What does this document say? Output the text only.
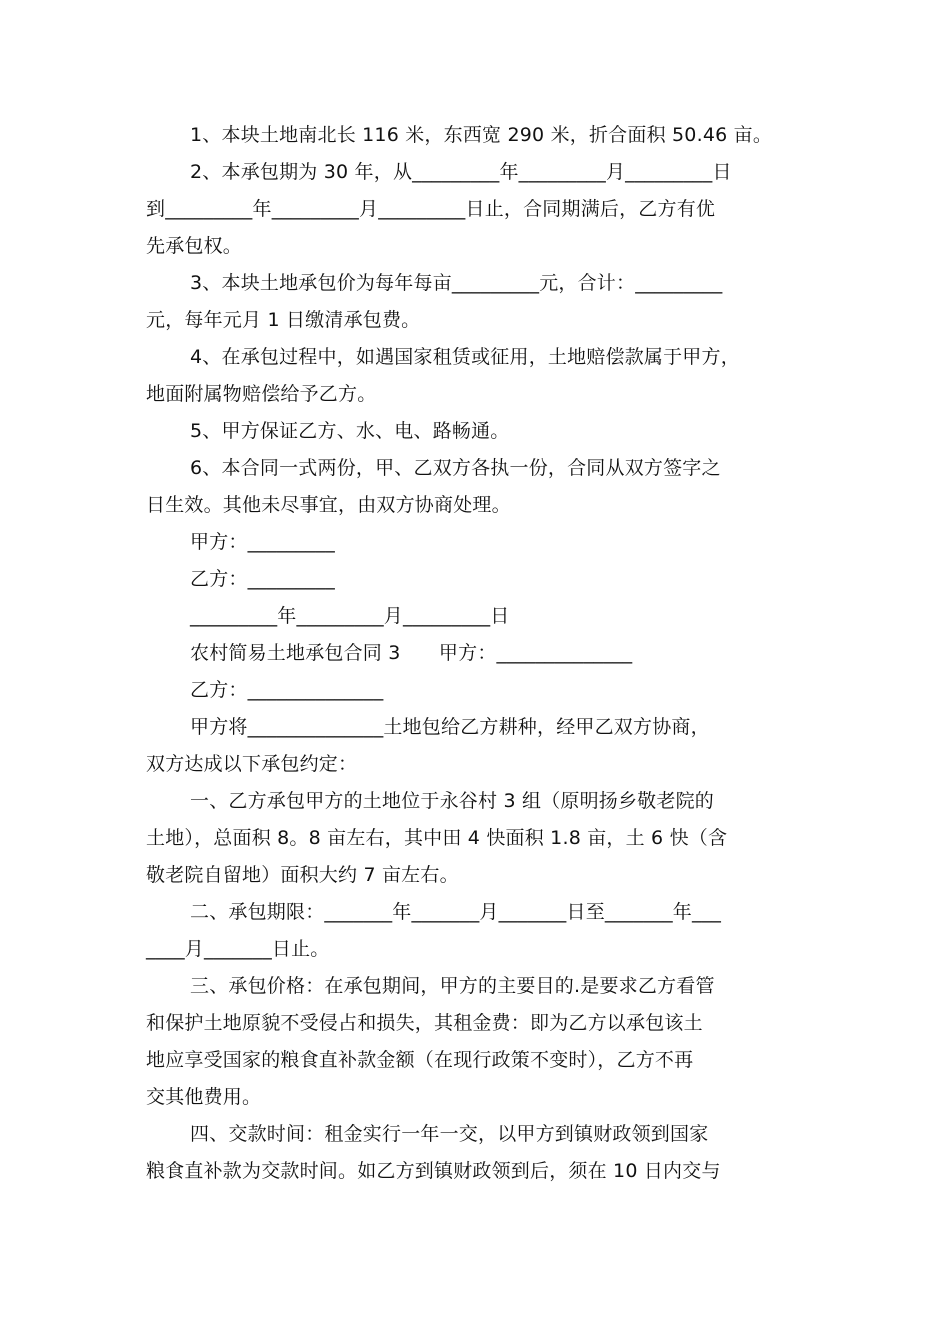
1、本块土地南北长 116 米，东西宽 290 米，折合面积 50.46 亩。
2、本承包期为 30 年，从_________年_________月_________日
到_________年_________月_________日止，合同期满后，乙方有优
先承包权。
3、本块土地承包价为每年每亩_________元，合计：_________
元，每年元月 1 日缴清承包费。
4、在承包过程中，如遇国家租赁或征用，土地赔偿款属于甲方，
地面附属物赔偿给予乙方。
5、甲方保证乙方、水、电、路畅通。
6、本合同一式两份，甲、乙双方各执一份，合同从双方签字之
日生效。其他未尽事宜，由双方协商处理。
甲方：_________
乙方：_________
_________年_________月_________日
农村简易土地承包合同 3　　甲方：______________
乙方：______________
甲方将______________土地包给乙方耕种，经甲乙双方协商，
双方达成以下承包约定：
一、乙方承包甲方的土地位于永谷村 3 组（原明扬乡敬老院的
土地），总面积 8。8 亩左右，其中田 4 快面积 1.8 亩，土 6 快（含
敬老院自留地）面积大约 7 亩左右。
二、承包期限：_______年_______月_______日至_______年___
____月_______日止。
三、承包价格：在承包期间，甲方的主要目的.是要求乙方看管
和保护土地原貌不受侵占和损失，其租金费：即为乙方以承包该土
地应享受国家的粮食直补款金额（在现行政策不变时），乙方不再
交其他费用。
四、交款时间：租金实行一年一交，以甲方到镇财政领到国家
粮食直补款为交款时间。如乙方到镇财政领到后，须在 10 日内交与
